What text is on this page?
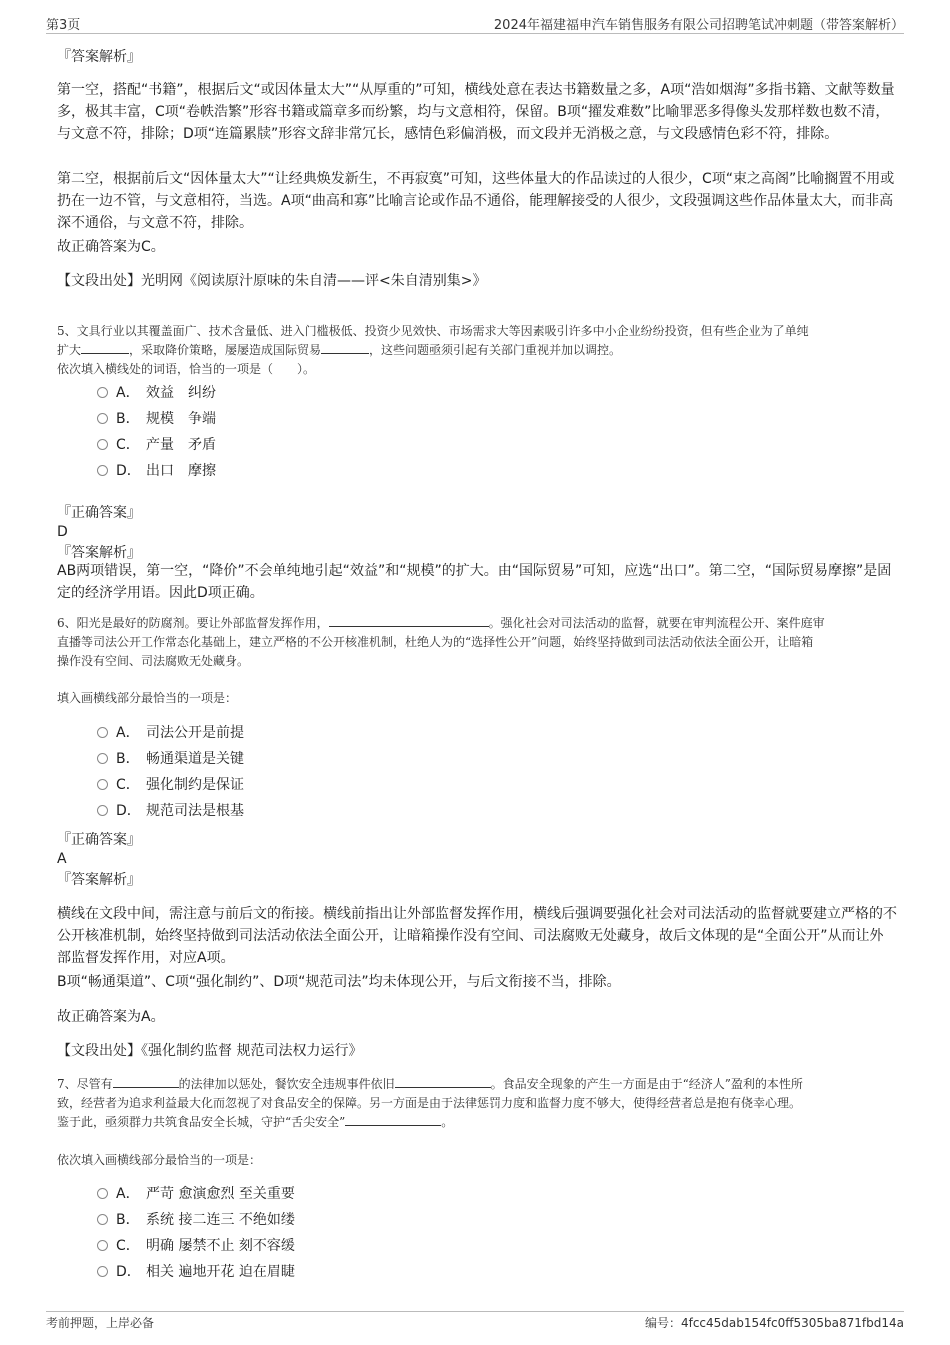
第3页	2024年福建福申汽车销售服务有限公司招聘笔试冲刺题（带答案解析）
『答案解析』
第一空，搭配“书籍”，根据后文“或因体量太大”“从厚重的”可知，横线处意在表达书籍数量之多，A项“浩如烟海”多指书籍、文献等数量多，极其丰富，C项“卷帙浩繁”形容书籍或篇章多而纷繁，均与文意相符，保留。B项“擢发难数”比喻罪恶多得像头发那样数也数不清，与文意不符，排除；D项“连篇累牍”形容文辞非常冗长，感情色彩偏消极，而文段并无消极之意，与文段感情色彩不符，排除。
第二空，根据前后文“因体量太大”“让经典焕发新生，不再寂寞”可知，这些体量大的作品读过的人很少，C项“束之高阁”比喻搁置不用或扔在一边不管，与文意相符，当选。A项“曲高和寡”比喻言论或作品不通俗，能理解接受的人很少，文段强调这些作品体量太大，而非高深不通俗，与文意不符，排除。
故正确答案为C。
【文段出处】光明网《阅读原汁原味的朱自清——评<朱自清别集>》
5、文具行业以其覆盖面广、技术含量低、进入门槛极低、投资少见效快、市场需求大等因素吸引许多中小企业纷纷投资，但有些企业为了单纯
扩大	，采取降价策略，屡屡造成国际贸易	，这些问题亟须引起有关部门重视并加以调控。
依次填入横线处的词语，恰当的一项是（　　）。
A． 效益　纠纷
B． 规模　争端
C． 产量　矛盾
D． 出口　摩擦
『正确答案』
D
『答案解析』
AB两项错误，第一空，“降价”不会单纯地引起“效益”和“规模”的扩大。由“国际贸易”可知，应选“出口”。第二空，“国际贸易摩擦”是固定的经济学用语。因此D项正确。
6、阳光是最好的防腐剂。要让外部监督发挥作用，	。强化社会对司法活动的监督，就要在审判流程公开、案件庭审
直播等司法公开工作常态化基础上，建立严格的不公开核准机制，杜绝人为的“选择性公开”问题，始终坚持做到司法活动依法全面公开，让暗箱
操作没有空间、司法腐败无处藏身。
填入画横线部分最恰当的一项是：
A． 司法公开是前提
B． 畅通渠道是关键
C． 强化制约是保证
D． 规范司法是根基
『正确答案』
A
『答案解析』
横线在文段中间，需注意与前后文的衔接。横线前指出让外部监督发挥作用，横线后强调要强化社会对司法活动的监督就要建立严格的不公开核准机制，始终坚持做到司法活动依法全面公开，让暗箱操作没有空间、司法腐败无处藏身，故后文体现的是“全面公开”从而让外部监督发挥作用，对应A项。
B项“畅通渠道”、C项“强化制约”、D项“规范司法”均未体现公开，与后文衔接不当，排除。
故正确答案为A。
【文段出处】《强化制约监督 规范司法权力运行》
7、尽管有	的法律加以惩处，餐饮安全违规事件依旧	。食品安全现象的产生一方面是由于“经济人”盈利的本性所
致，经营者为追求利益最大化而忽视了对食品安全的保障。另一方面是由于法律惩罚力度和监督力度不够大，使得经营者总是抱有侥幸心理。
鉴于此，亟须群力共筑食品安全长城，守护“舌尖安全”	。
依次填入画横线部分最恰当的一项是：
A． 严苛 愈演愈烈 至关重要
B． 系统 接二连三 不绝如缕
C． 明确 屡禁不止 刻不容缓
D． 相关 遍地开花 迫在眉睫
考前押题，上岸必备	编号：4fcc45dab154fc0ff5305ba871fbd14a
